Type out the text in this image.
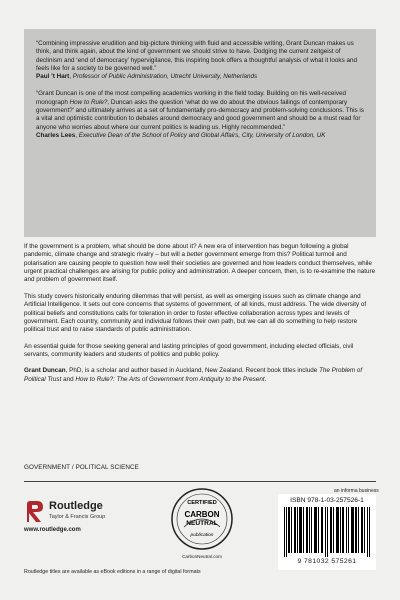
“Combining impressive erudition and big-picture thinking with fluid and accessible writing, Grant Duncan makes us think, and think again, about the kind of government we should strive to have. Dodging the current zeitgeist of declinism and ‘end of democracy’ hypervigilance, this inspiring book offers a thoughtful analysis of what it looks and feels like for a society to be governed well.”

Paul ’t Hart, Professor of Public Administration, Utrecht University, Netherlands

“Grant Duncan is one of the most compelling academics working in the field today. Building on his well-received monograph How to Rule?, Duncan asks the question ‘what do we do about the obvious failings of contemporary government?’ and ultimately arrives at a set of fundamentally pro-democracy and problem-solving conclusions. This is a vital and optimistic contribution to debates around democracy and good government and should be a must read for anyone who worries about where our current politics is leading us. Highly recommended.”

Charles Lees, Executive Dean of the School of Policy and Global Affairs, City, University of London, UK

If the government is a problem, what should be done about it? A new era of intervention has begun following a global pandemic, climate change and strategic rivalry – but will a better government emerge from this? Political turmoil and polarisation are causing people to question how well their societies are governed and how leaders conduct themselves, while urgent practical challenges are arising for public policy and administration. A deeper concern, then, is to re-examine the nature and problem of government itself.

This study covers historically enduring dilemmas that will persist, as well as emerging issues such as climate change and Artificial Intelligence. It sets out core concerns that systems of government, of all kinds, must address. The wide diversity of political beliefs and constitutions calls for toleration in order to foster effective collaboration across types and levels of government. Each country, community and individual follows their own path, but we can all do something to help restore political trust and to raise standards of public administration.

An essential guide for those seeking general and lasting principles of good government, including elected officials, civil servants, community leaders and students of politics and public policy.

Grant Duncan, PhD, is a scholar and author based in Auckland, New Zealand. Recent book titles include The Problem of Political Trust and How to Rule?: The Arts of Government from Antiquity to the Present.

GOVERNMENT / POLITICAL SCIENCE
Routledge
Taylor & Francis Group
www.routledge.com
CERTIFIED
CARBON
NEUTRAL
publication
CarbonNeutral.com
an informa business
ISBN 978-1-03-257526-1
9 781032 575261
Routledge titles are available as eBook editions in a range of digital formats
